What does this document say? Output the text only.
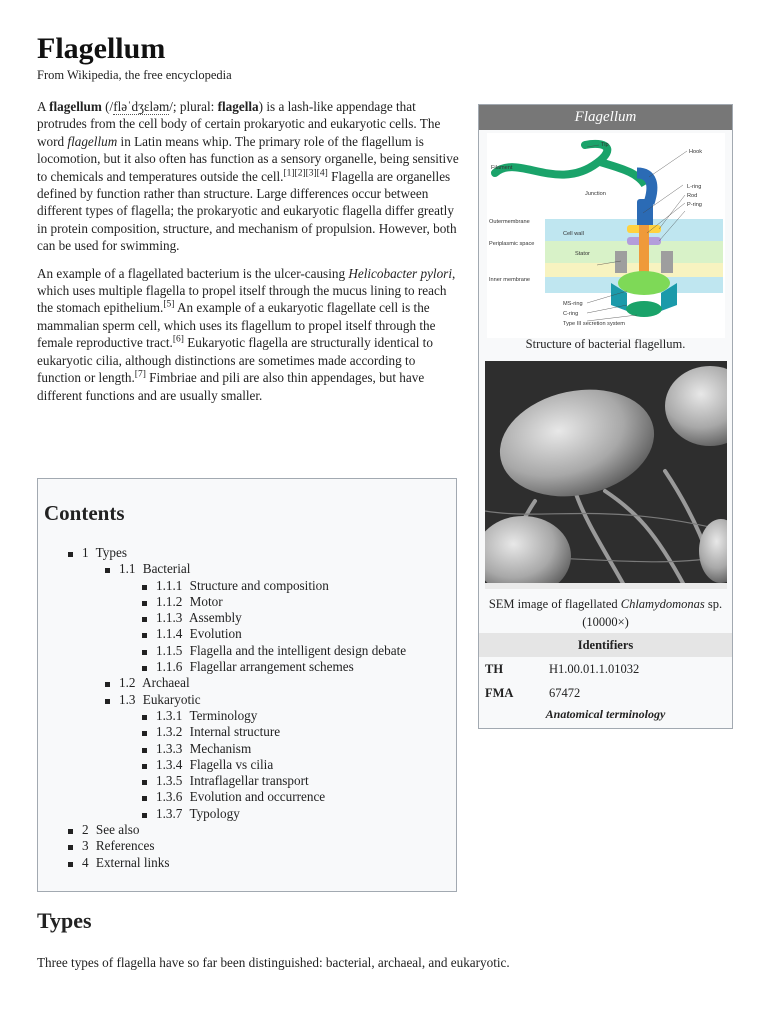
Flagellum
From Wikipedia, the free encyclopedia

A flagellum (/fləˈdʒɛləm/; plural: flagella) is a lash-like appendage that protrudes from the cell body of certain prokaryotic and eukaryotic cells. The word flagellum in Latin means whip. The primary role of the flagellum is locomotion, but it also often has function as a sensory organelle, being sensitive to chemicals and temperatures outside the cell.[1][2][3][4] Flagella are organelles defined by function rather than structure. Large differences occur between different types of flagella; the prokaryotic and eukaryotic flagella differ greatly in protein composition, structure, and mechanism of propulsion. However, both can be used for swimming.

An example of a flagellated bacterium is the ulcer-causing Helicobacter pylori, which uses multiple flagella to propel itself through the mucus lining to reach the stomach epithelium.[5] An example of a eukaryotic flagellate cell is the mammalian sperm cell, which uses its flagellum to propel itself through the female reproductive tract.[6] Eukaryotic flagella are structurally identical to eukaryotic cilia, although distinctions are sometimes made according to function or length.[7] Fimbriae and pili are also thin appendages, but have different functions and are usually smaller.

Contents
1 Types
1.1 Bacterial
1.1.1 Structure and composition
1.1.2 Motor
1.1.3 Assembly
1.1.4 Evolution
1.1.5 Flagella and the intelligent design debate
1.1.6 Flagellar arrangement schemes
1.2 Archaeal
1.3 Eukaryotic
1.3.1 Terminology
1.3.2 Internal structure
1.3.3 Mechanism
1.3.4 Flagella vs cilia
1.3.5 Intraflagellar transport
1.3.6 Evolution and occurrence
1.3.7 Typology
2 See also
3 References
4 External links
Types
Three types of flagella have so far been distinguished: bacterial, archaeal, and eukaryotic.
Flagellum
Tip
Hook
Filament
Junction
L-ring
Rod
P-ring
Outermembrane
Cell wall
Periplasmic space
Stator
Inner membrane
MS-ring
C-ring
Type III secretion system
Structure of bacterial flagellum.
SEM image of flagellated Chlamydomonas sp. (10000×)
Identifiers
TH	H1.00.01.1.01032
FMA	67472
Anatomical terminology
